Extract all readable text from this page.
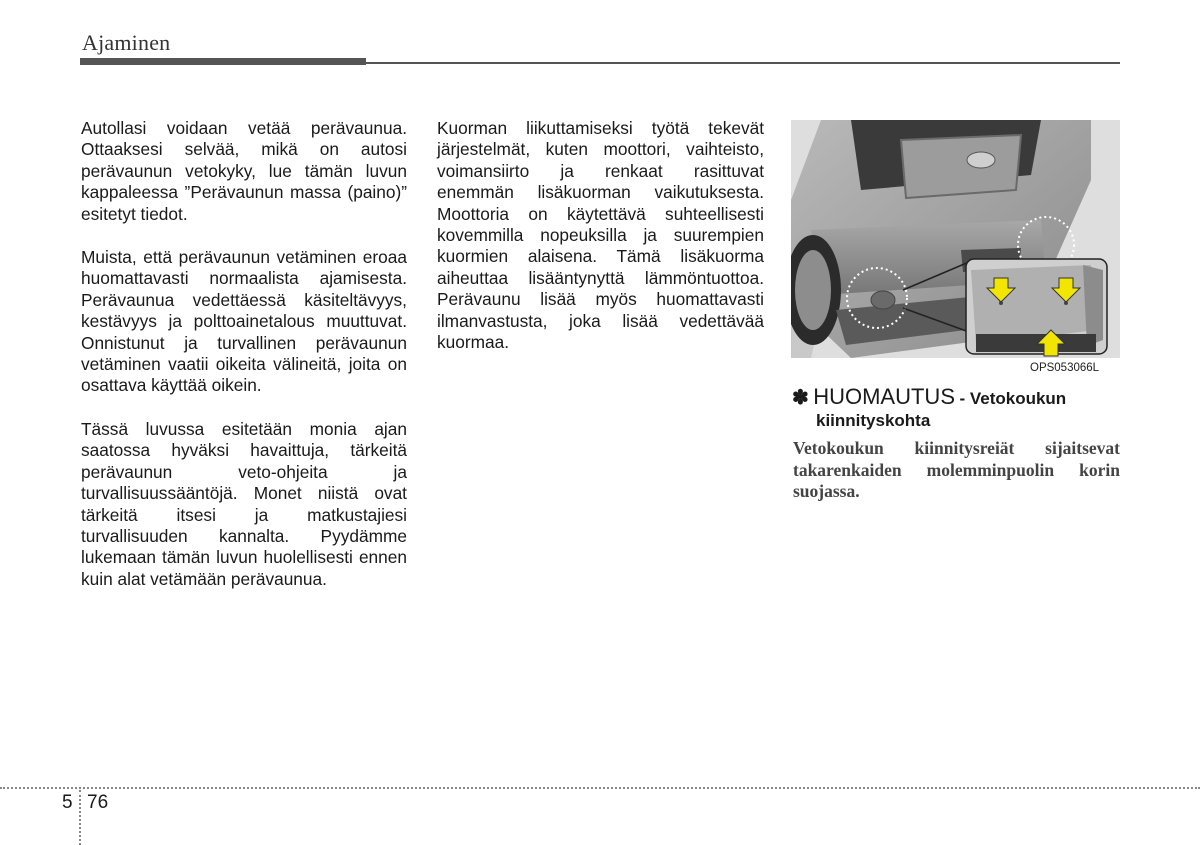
Ajaminen

Autollasi voidaan vetää perävaunua. Ottaaksesi selvää, mikä on autosi perävaunun vetokyky, lue tämän luvun kappaleessa ”Perävaunun massa (paino)” esitetyt tiedot.

Muista, että perävaunun vetäminen eroaa huomattavasti normaalista ajamisesta. Perävaunua vedettäessä käsiteltävyys, kestävyys ja polttoainetalous muuttuvat. Onnistunut ja turvallinen perävaunun vetäminen vaatii oikeita välineitä, joita on osattava käyttää oikein.

Tässä luvussa esitetään monia ajan saatossa hyväksi havaittuja, tärkeitä perävaunun veto-ohjeita ja turvallisuussääntöjä. Monet niistä ovat tärkeitä itsesi ja matkustajiesi turvallisuuden kannalta. Pyydämme lukemaan tämän luvun huolellisesti ennen kuin alat vetämään perävaunua.

Kuorman liikuttamiseksi työtä tekevät järjestelmät, kuten moottori, vaihteisto, voimansiirto ja renkaat rasittuvat enemmän lisäkuorman vaikutuksesta. Moottoria on käytettävä suhteellisesti kovemmilla nopeuksilla ja suurempien kuormien alaisena. Tämä lisäkuorma aiheuttaa lisääntynyttä lämmöntuottoa. Perävaunu lisää myös huomattavasti ilmanvastusta, joka lisää vedettävää kuormaa.

OPS053066L
✽ HUOMAUTUS - Vetokoukun
kiinnityskohta
Vetokoukun kiinnitysreiät sijaitsevat takarenkaiden molemminpuolin korin suojassa.
5 76
